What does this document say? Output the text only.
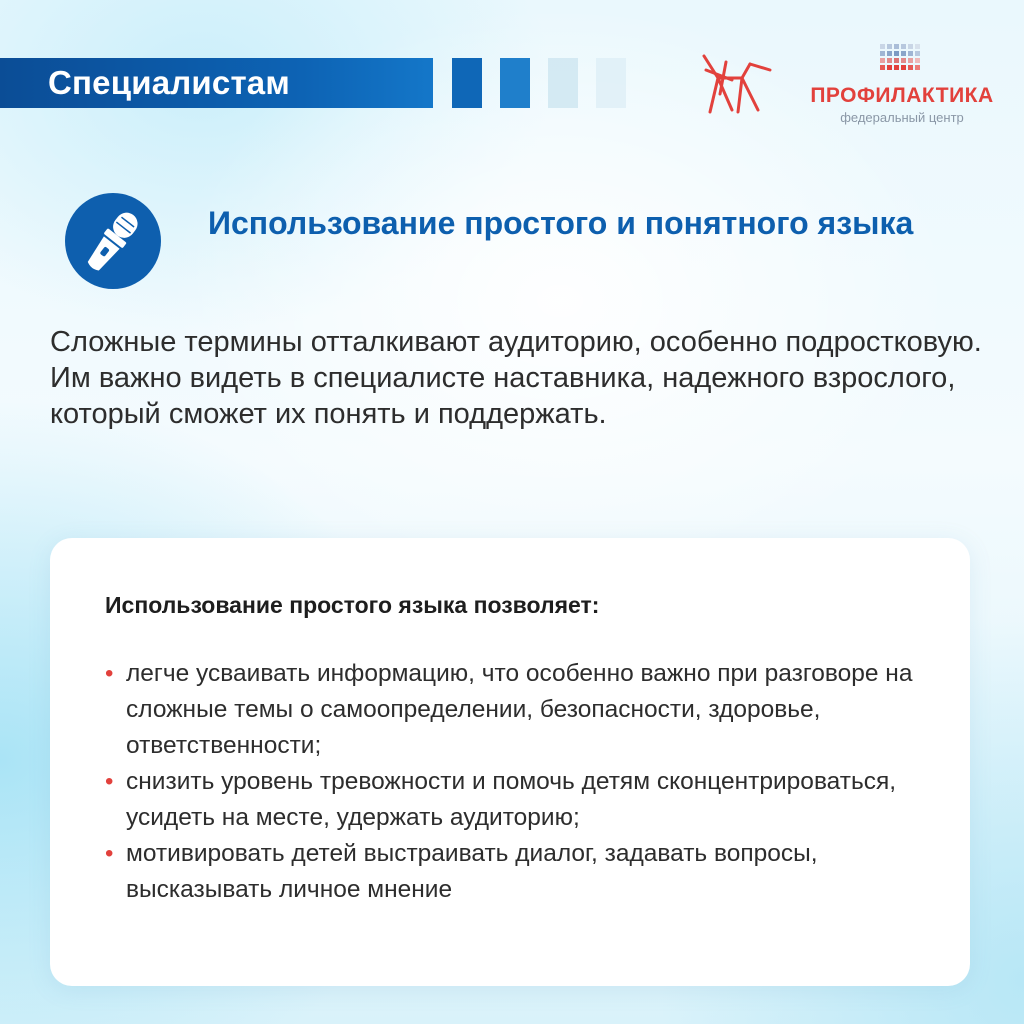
Специалистам	ПРОФИЛАКТИКА
федеральный центр
Использование простого и понятного языка

Сложные термины отталкивают аудиторию, особенно подростковую. Им важно видеть в специалисте наставника, надежного взрослого, который сможет их понять и поддержать.

Использование простого языка позволяет:
• легче усваивать информацию, что особенно важно при разговоре на сложные темы о самоопределении, безопасности, здоровье, ответственности;
• снизить уровень тревожности и помочь детям сконцентрироваться, усидеть на месте, удержать аудиторию;
• мотивировать детей выстраивать диалог, задавать вопросы, высказывать личное мнение
